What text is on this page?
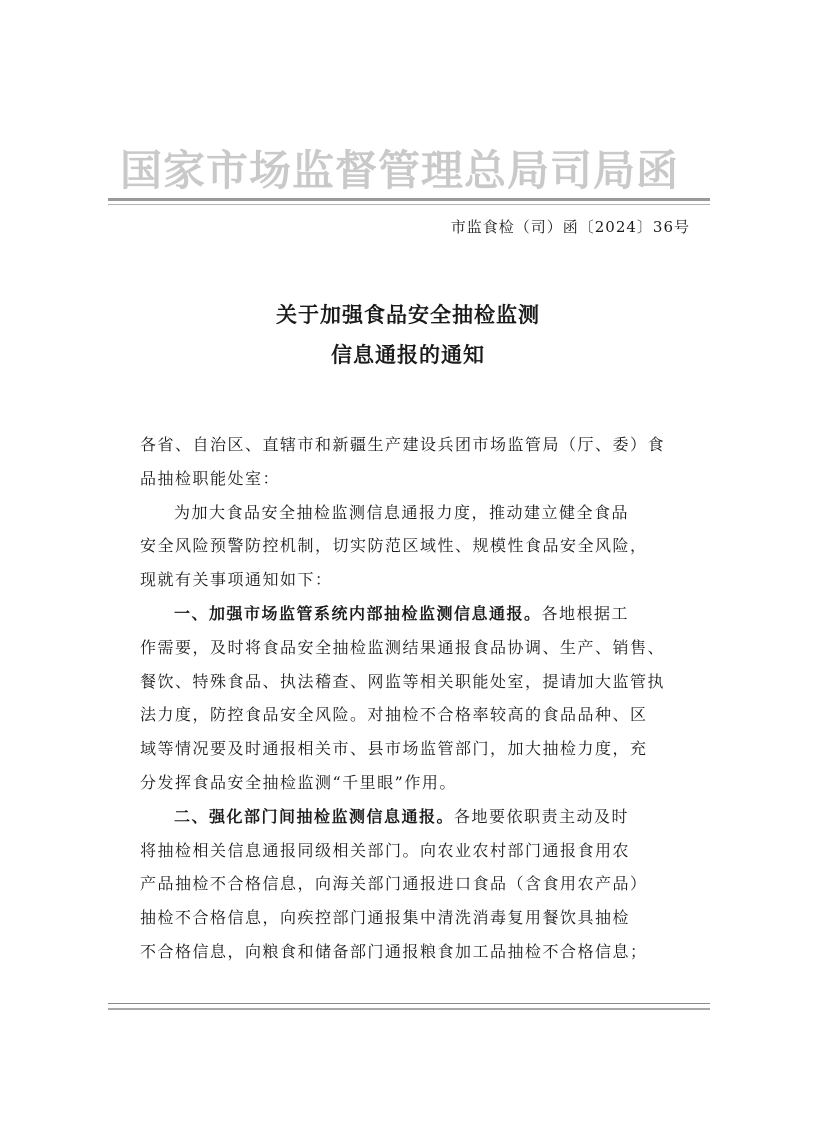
国家市场监督管理总局司局函
市监食检（司）函〔2024〕36号
关于加强食品安全抽检监测
信息通报的通知
各省、自治区、直辖市和新疆生产建设兵团市场监管局（厅、委）食
品抽检职能处室：
为加大食品安全抽检监测信息通报力度，推动建立健全食品
安全风险预警防控机制，切实防范区域性、规模性食品安全风险，
现就有关事项通知如下：
一、加强市场监管系统内部抽检监测信息通报。各地根据工
作需要，及时将食品安全抽检监测结果通报食品协调、生产、销售、
餐饮、特殊食品、执法稽查、网监等相关职能处室，提请加大监管执
法力度，防控食品安全风险。对抽检不合格率较高的食品品种、区
域等情况要及时通报相关市、县市场监管部门，加大抽检力度，充
分发挥食品安全抽检监测“千里眼”作用。
二、强化部门间抽检监测信息通报。各地要依职责主动及时
将抽检相关信息通报同级相关部门。向农业农村部门通报食用农
产品抽检不合格信息，向海关部门通报进口食品（含食用农产品）
抽检不合格信息，向疾控部门通报集中清洗消毒复用餐饮具抽检
不合格信息，向粮食和储备部门通报粮食加工品抽检不合格信息；
